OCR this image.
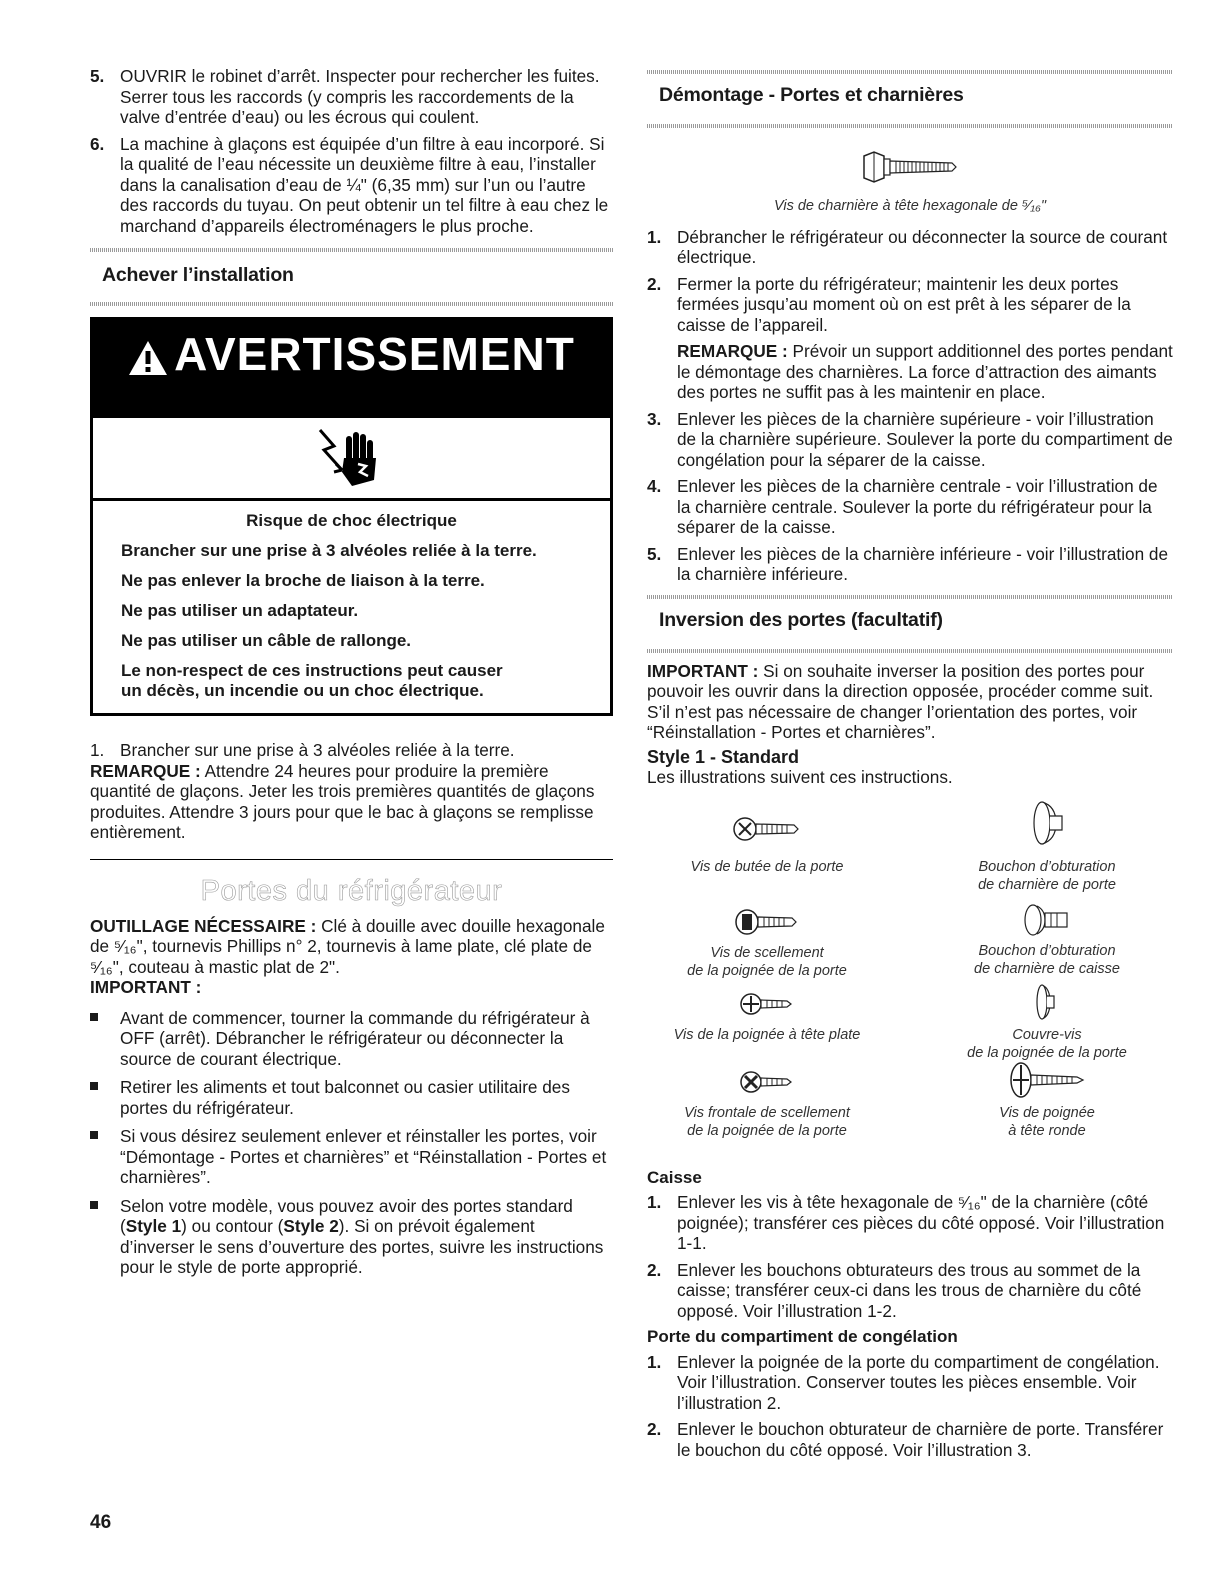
5. OUVRIR le robinet d’arrêt. Inspecter pour rechercher les fuites. Serrer tous les raccords (y compris les raccordements de la valve d’entrée d’eau) ou les écrous qui coulent.
6. La machine à glaçons est équipée d’un filtre à eau incorporé. Si la qualité de l’eau nécessite un deuxième filtre à eau, l’installer dans la canalisation d’eau de ¼" (6,35 mm) sur l’un ou l’autre des raccords du tuyau. On peut obtenir un tel filtre à eau chez le marchand d’appareils électroménagers le plus proche.
Achever l’installation
AVERTISSEMENT
Risque de choc électrique

Brancher sur une prise à 3 alvéoles reliée à la terre.

Ne pas enlever la broche de liaison à la terre.

Ne pas utiliser un adaptateur.

Ne pas utiliser un câble de rallonge.

Le non-respect de ces instructions peut causer
un décès, un incendie ou un choc électrique.

1. Brancher sur une prise à 3 alvéoles reliée à la terre.

REMARQUE : Attendre 24 heures pour produire la première quantité de glaçons. Jeter les trois premières quantités de glaçons produites. Attendre 3 jours pour que le bac à glaçons se remplisse entièrement.

Portes du réfrigérateur

OUTILLAGE NÉCESSAIRE : Clé à douille avec douille hexagonale de ⁵⁄₁₆", tournevis Phillips n° 2, tournevis à lame plate, clé plate de ⁵⁄₁₆", couteau à mastic plat de 2".

IMPORTANT :

Avant de commencer, tourner la commande du réfrigérateur à OFF (arrêt). Débrancher le réfrigérateur ou déconnecter la source de courant électrique.
Retirer les aliments et tout balconnet ou casier utilitaire des portes du réfrigérateur.
Si vous désirez seulement enlever et réinstaller les portes, voir “Démontage - Portes et charnières” et “Réinstallation - Portes et charnières”.
Selon votre modèle, vous pouvez avoir des portes standard (Style 1) ou contour (Style 2). Si on prévoit également d’inverser le sens d’ouverture des portes, suivre les instructions pour le style de porte approprié.
Démontage - Portes et charnières
Vis de charnière à tête hexagonale de ⁵⁄₁₆"
1. Débrancher le réfrigérateur ou déconnecter la source de courant électrique.
2. Fermer la porte du réfrigérateur; maintenir les deux portes fermées jusqu’au moment où on est prêt à les séparer de la caisse de l’appareil.

REMARQUE : Prévoir un support additionnel des portes pendant le démontage des charnières. La force d’attraction des aimants des portes ne suffit pas à les maintenir en place.

3. Enlever les pièces de la charnière supérieure - voir l’illustration de la charnière supérieure. Soulever la porte du compartiment de congélation pour la séparer de la caisse.
4. Enlever les pièces de la charnière centrale - voir l’illustration de la charnière centrale. Soulever la porte du réfrigérateur pour la séparer de la caisse.
5. Enlever les pièces de la charnière inférieure - voir l’illustration de la charnière inférieure.
Inversion des portes (facultatif)

IMPORTANT : Si on souhaite inverser la position des portes pour pouvoir les ouvrir dans la direction opposée, procéder comme suit. S’il n’est pas nécessaire de changer l’orientation des portes, voir “Réinstallation - Portes et charnières”.

Style 1 - Standard

Les illustrations suivent ces instructions.

Vis de butée de la porte	Bouchon d’obturation
de charnière de porte
Vis de scellement
de la poignée de la porte
Bouchon d’obturation
de charnière de caisse
Vis de la poignée à tête plate	Couvre-vis
de la poignée de la porte
Vis frontale de scellement
de la poignée de la porte
Vis de poignée
à tête ronde
Caisse
1. Enlever les vis à tête hexagonale de ⁵⁄₁₆" de la charnière (côté poignée); transférer ces pièces du côté opposé. Voir l’illustration 1-1.
2. Enlever les bouchons obturateurs des trous au sommet de la caisse; transférer ceux-ci dans les trous de charnière du côté opposé. Voir l’illustration 1-2.
Porte du compartiment de congélation
1. Enlever la poignée de la porte du compartiment de congélation. Voir l’illustration. Conserver toutes les pièces ensemble. Voir l’illustration 2.
2. Enlever le bouchon obturateur de charnière de porte. Transférer le bouchon du côté opposé. Voir l’illustration 3.
46
